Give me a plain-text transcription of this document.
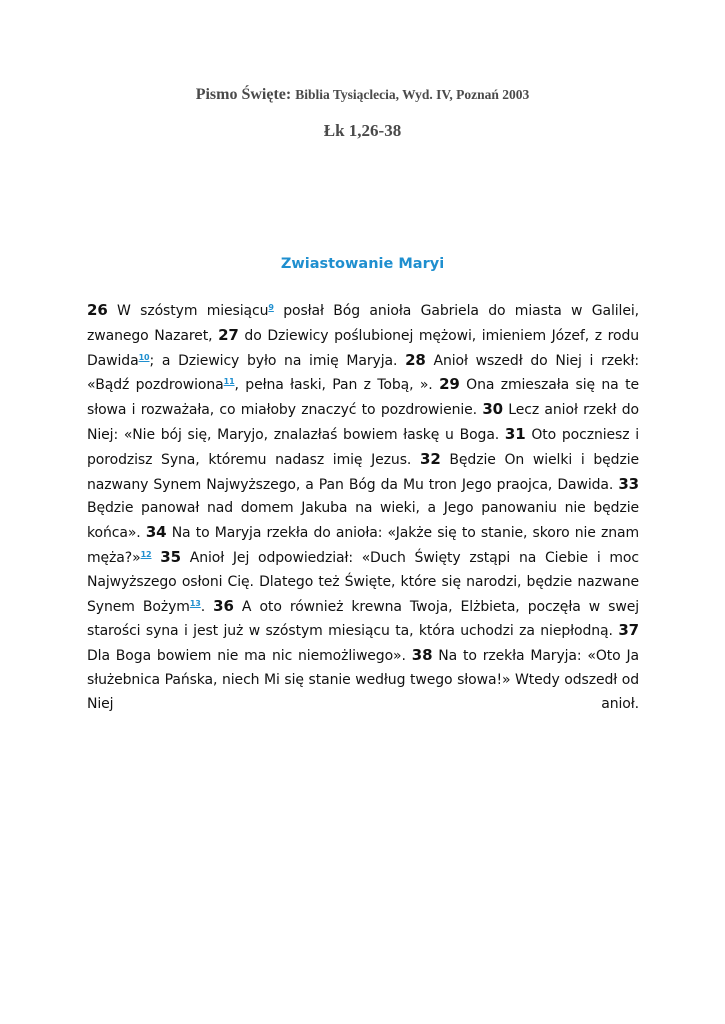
Pismo Święte: Biblia Tysiąclecia, Wyd. IV, Poznań 2003
Łk 1,26-38
Zwiastowanie Maryi

26 W szóstym miesiącu$^9$ posłał Bóg anioła Gabriela do miasta w Galilei, zwanego Nazaret, 27 do Dziewicy poślubionej mężowi, imieniem Józef, z rodu Dawida$^{10}$; a Dziewicy było na imię Maryja. 28 Anioł wszedł do Niej i rzekł: «Bądź pozdrowiona$^{11}$, pełna łaski, Pan z Tobą, ». 29 Ona zmieszała się na te słowa i rozważała, co miałoby znaczyć to pozdrowienie. 30 Lecz anioł rzekł do Niej: «Nie bój się, Maryjo, znalazłaś bowiem łaskę u Boga. 31 Oto poczniesz i porodzisz Syna, któremu nadasz imię Jezus. 32 Będzie On wielki i będzie nazwany Synem Najwyższego, a Pan Bóg da Mu tron Jego praojca, Dawida. 33 Będzie panował nad domem Jakuba na wieki, a Jego panowaniu nie będzie końca». 34 Na to Maryja rzekła do anioła: «Jakże się to stanie, skoro nie znam męża?»$^{12}$ 35 Anioł Jej odpowiedział: «Duch Święty zstąpi na Ciebie i moc Najwyższego osłoni Cię. Dlatego też Święte, które się narodzi, będzie nazwane Synem Bożym$^{13}$. 36 A oto również krewna Twoja, Elżbieta, poczęła w swej starości syna i jest już w szóstym miesiącu ta, która uchodzi za niepłodną. 37 Dla Boga bowiem nie ma nic niemożliwego». 38 Na to rzekła Maryja: «Oto Ja służebnica Pańska, niech Mi się stanie według twego słowa!» Wtedy odszedł od Niej anioł.
